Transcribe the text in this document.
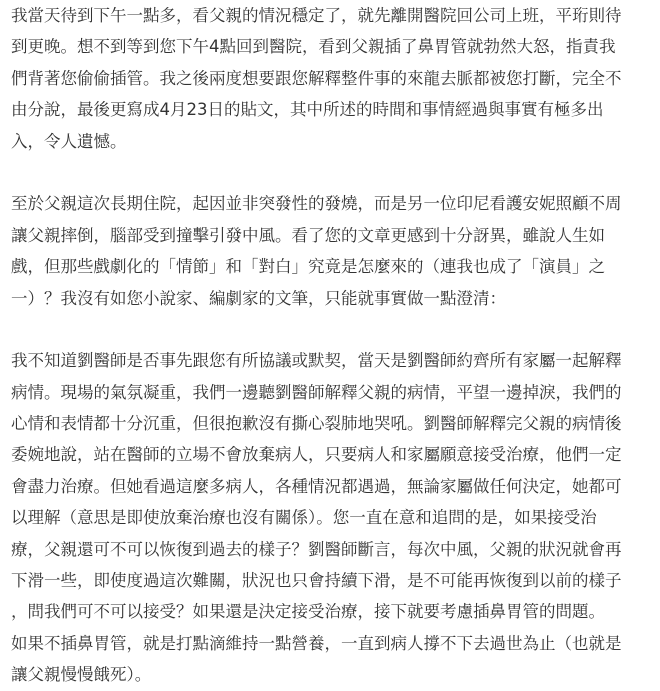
我當天待到下午一點多，看父親的情況穩定了，就先離開醫院回公司上班，平珩則待
到更晚。想不到等到您下午4點回到醫院，看到父親插了鼻胃管就勃然大怒，指責我
們背著您偷偷插管。我之後兩度想要跟您解釋整件事的來龍去脈都被您打斷，完全不
由分說，最後更寫成4月23日的貼文，其中所述的時間和事情經過與事實有極多出
入，令人遺憾。
至於父親這次長期住院，起因並非突發性的發燒，而是另一位印尼看護安妮照顧不周
讓父親摔倒，腦部受到撞擊引發中風。看了您的文章更感到十分訝異，雖說人生如
戲，但那些戲劇化的「情節」和「對白」究竟是怎麼來的（連我也成了「演員」之
一）？我沒有如您小說家、編劇家的文筆，只能就事實做一點澄清：
我不知道劉醫師是否事先跟您有所協議或默契，當天是劉醫師約齊所有家屬一起解釋
病情。現場的氣氛凝重，我們一邊聽劉醫師解釋父親的病情，平望一邊掉淚，我們的
心情和表情都十分沉重，但很抱歉沒有撕心裂肺地哭吼。劉醫師解釋完父親的病情後
委婉地說，站在醫師的立場不會放棄病人，只要病人和家屬願意接受治療，他們一定
會盡力治療。但她看過這麼多病人，各種情況都遇過，無論家屬做任何決定，她都可
以理解（意思是即使放棄治療也沒有關係）。您一直在意和追問的是，如果接受治
療，父親還可不可以恢復到過去的樣子？劉醫師斷言，每次中風，父親的狀況就會再
下滑一些，即使度過這次難關，狀況也只會持續下滑，是不可能再恢復到以前的樣子
，問我們可不可以接受？如果還是決定接受治療，接下就要考慮插鼻胃管的問題。
如果不插鼻胃管，就是打點滴維持一點營養，一直到病人撐不下去過世為止（也就是
讓父親慢慢餓死）。
